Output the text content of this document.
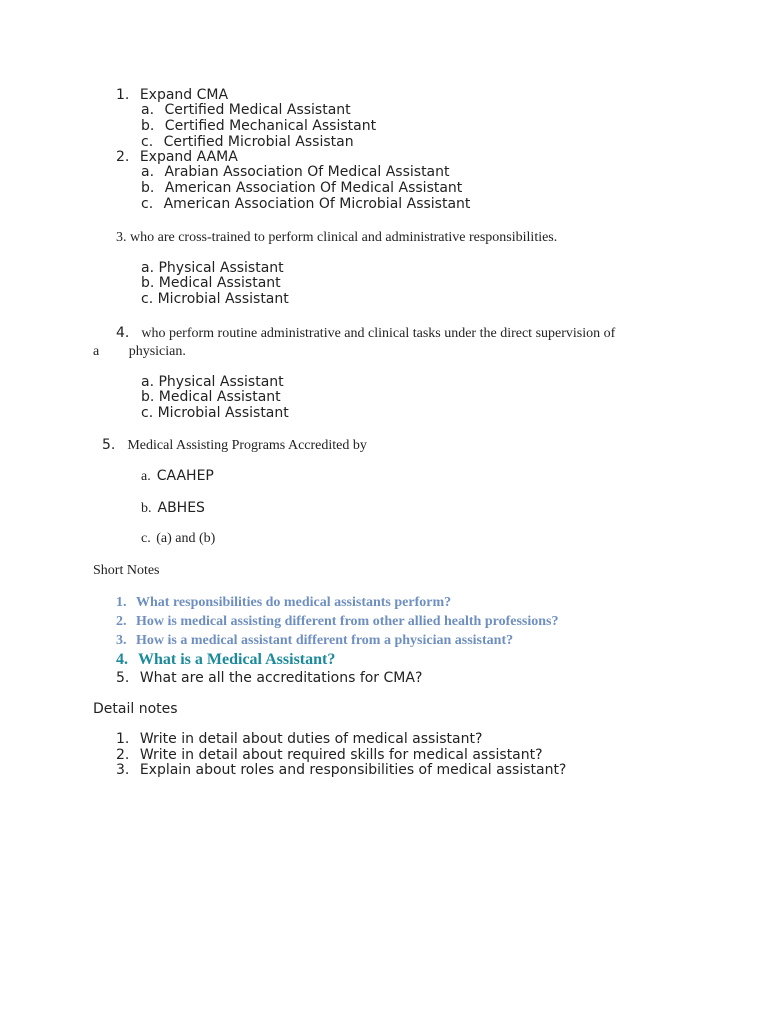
1. Expand CMA
a. Certified Medical Assistant
b. Certified Mechanical Assistant
c. Certified Microbial Assistan
2. Expand AAMA
a. Arabian Association Of Medical Assistant
b. American Association Of Medical Assistant
c. American Association Of Microbial Assistant
3. who are cross-trained to perform clinical and administrative responsibilities.
a. Physical Assistant
b. Medical Assistant
c. Microbial Assistant
4. who perform routine administrative and clinical tasks under the direct supervision of
a physician.
a. Physical Assistant
b. Medical Assistant
c. Microbial Assistant
5. Medical Assisting Programs Accredited by
a. CAAHEP
b. ABHES
c. (a) and (b)
Short Notes
1. What responsibilities do medical assistants perform?
2. How is medical assisting different from other allied health professions?
3. How is a medical assistant different from a physician assistant?
4. What is a Medical Assistant?
5. What are all the accreditations for CMA?
Detail notes
1. Write in detail about duties of medical assistant?
2. Write in detail about required skills for medical assistant?
3. Explain about roles and responsibilities of medical assistant?
